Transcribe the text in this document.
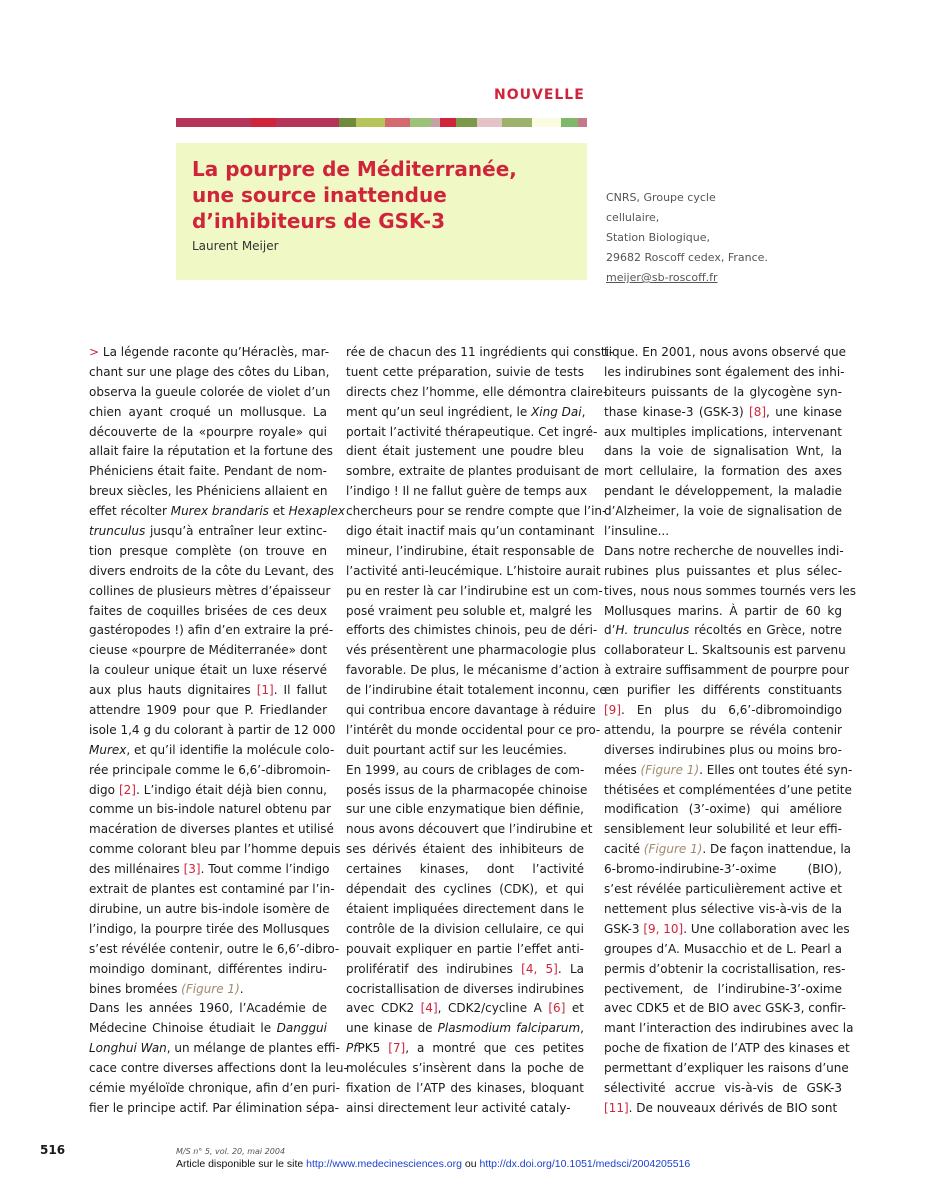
NOUVELLE
La pourpre de Méditerranée,
une source inattendue
d’inhibiteurs de GSK-3
Laurent Meijer
CNRS, Groupe cycle
cellulaire,
Station Biologique,
29682 Roscoff cedex, France.
meijer@sb-roscoff.fr
> La légende raconte qu’Héraclès, mar-
chant sur une plage des côtes du Liban,
observa la gueule colorée de violet d’un
chien ayant croqué un mollusque. La
découverte de la «pourpre royale» qui
allait faire la réputation et la fortune des
Phéniciens était faite. Pendant de nom-
breux siècles, les Phéniciens allaient en
effet récolter Murex brandaris et Hexaplex
trunculus jusqu’à entraîner leur extinc-
tion presque complète (on trouve en
divers endroits de la côte du Levant, des
collines de plusieurs mètres d’épaisseur
faites de coquilles brisées de ces deux
gastéropodes !) afin d’en extraire la pré-
cieuse «pourpre de Méditerranée» dont
la couleur unique était un luxe réservé
aux plus hauts dignitaires [1]. Il fallut
attendre 1909 pour que P. Friedlander
isole 1,4 g du colorant à partir de 12 000
Murex, et qu’il identifie la molécule colo-
rée principale comme le 6,6’-dibromoin-
digo [2]. L’indigo était déjà bien connu,
comme un bis-indole naturel obtenu par
macération de diverses plantes et utilisé
comme colorant bleu par l’homme depuis
des millénaires [3]. Tout comme l’indigo
extrait de plantes est contaminé par l’in-
dirubine, un autre bis-indole isomère de
l’indigo, la pourpre tirée des Mollusques
s’est révélée contenir, outre le 6,6’-dibro-
moindigo dominant, différentes indiru-
bines bromées (Figure 1).
Dans les années 1960, l’Académie de
Médecine Chinoise étudiait le Danggui
Longhui Wan, un mélange de plantes effi-
cace contre diverses affections dont la leu-
cémie myéloïde chronique, afin d’en puri-
fier le principe actif. Par élimination sépa-
rée de chacun des 11 ingrédients qui consti-
tuent cette préparation, suivie de tests
directs chez l’homme, elle démontra claire-
ment qu’un seul ingrédient, le Xing Dai,
portait l’activité thérapeutique. Cet ingré-
dient était justement une poudre bleu
sombre, extraite de plantes produisant de
l’indigo ! Il ne fallut guère de temps aux
chercheurs pour se rendre compte que l’in-
digo était inactif mais qu’un contaminant
mineur, l’indirubine, était responsable de
l’activité anti-leucémique. L’histoire aurait
pu en rester là car l’indirubine est un com-
posé vraiment peu soluble et, malgré les
efforts des chimistes chinois, peu de déri-
vés présentèrent une pharmacologie plus
favorable. De plus, le mécanisme d’action
de l’indirubine était totalement inconnu, ce
qui contribua encore davantage à réduire
l’intérêt du monde occidental pour ce pro-
duit pourtant actif sur les leucémies.
En 1999, au cours de criblages de com-
posés issus de la pharmacopée chinoise
sur une cible enzymatique bien définie,
nous avons découvert que l’indirubine et
ses dérivés étaient des inhibiteurs de
certaines kinases, dont l’activité
dépendait des cyclines (CDK), et qui
étaient impliquées directement dans le
contrôle de la division cellulaire, ce qui
pouvait expliquer en partie l’effet anti-
prolifératif des indirubines [4, 5]. La
cocristallisation de diverses indirubines
avec CDK2 [4], CDK2/cycline A [6] et
une kinase de Plasmodium falciparum,
PfPK5 [7], a montré que ces petites
molécules s’insèrent dans la poche de
fixation de l’ATP des kinases, bloquant
ainsi directement leur activité cataly-
tique. En 2001, nous avons observé que
les indirubines sont également des inhi-
biteurs puissants de la glycogène syn-
thase kinase-3 (GSK-3) [8], une kinase
aux multiples implications, intervenant
dans la voie de signalisation Wnt, la
mort cellulaire, la formation des axes
pendant le développement, la maladie
d’Alzheimer, la voie de signalisation de
l’insuline...
Dans notre recherche de nouvelles indi-
rubines plus puissantes et plus sélec-
tives, nous nous sommes tournés vers les
Mollusques marins. À partir de 60 kg
d’H. trunculus récoltés en Grèce, notre
collaborateur L. Skaltsounis est parvenu
à extraire suffisamment de pourpre pour
en purifier les différents constituants
[9]. En plus du 6,6’-dibromoindigo
attendu, la pourpre se révéla contenir
diverses indirubines plus ou moins bro-
mées (Figure 1). Elles ont toutes été syn-
thétisées et complémentées d’une petite
modification (3’-oxime) qui améliore
sensiblement leur solubilité et leur effi-
cacité (Figure 1). De façon inattendue, la
6-bromo-indirubine-3’-oxime (BIO),
s’est révélée particulièrement active et
nettement plus sélective vis-à-vis de la
GSK-3 [9, 10]. Une collaboration avec les
groupes d’A. Musacchio et de L. Pearl a
permis d’obtenir la cocristallisation, res-
pectivement, de l’indirubine-3’-oxime
avec CDK5 et de BIO avec GSK-3, confir-
mant l’interaction des indirubines avec la
poche de fixation de l’ATP des kinases et
permettant d’expliquer les raisons d’une
sélectivité accrue vis-à-vis de GSK-3
[11]. De nouveaux dérivés de BIO sont
516	M/S n° 5, vol. 20, mai 2004
Article disponible sur le site http://www.medecinesciences.org ou http://dx.doi.org/10.1051/medsci/2004205516
